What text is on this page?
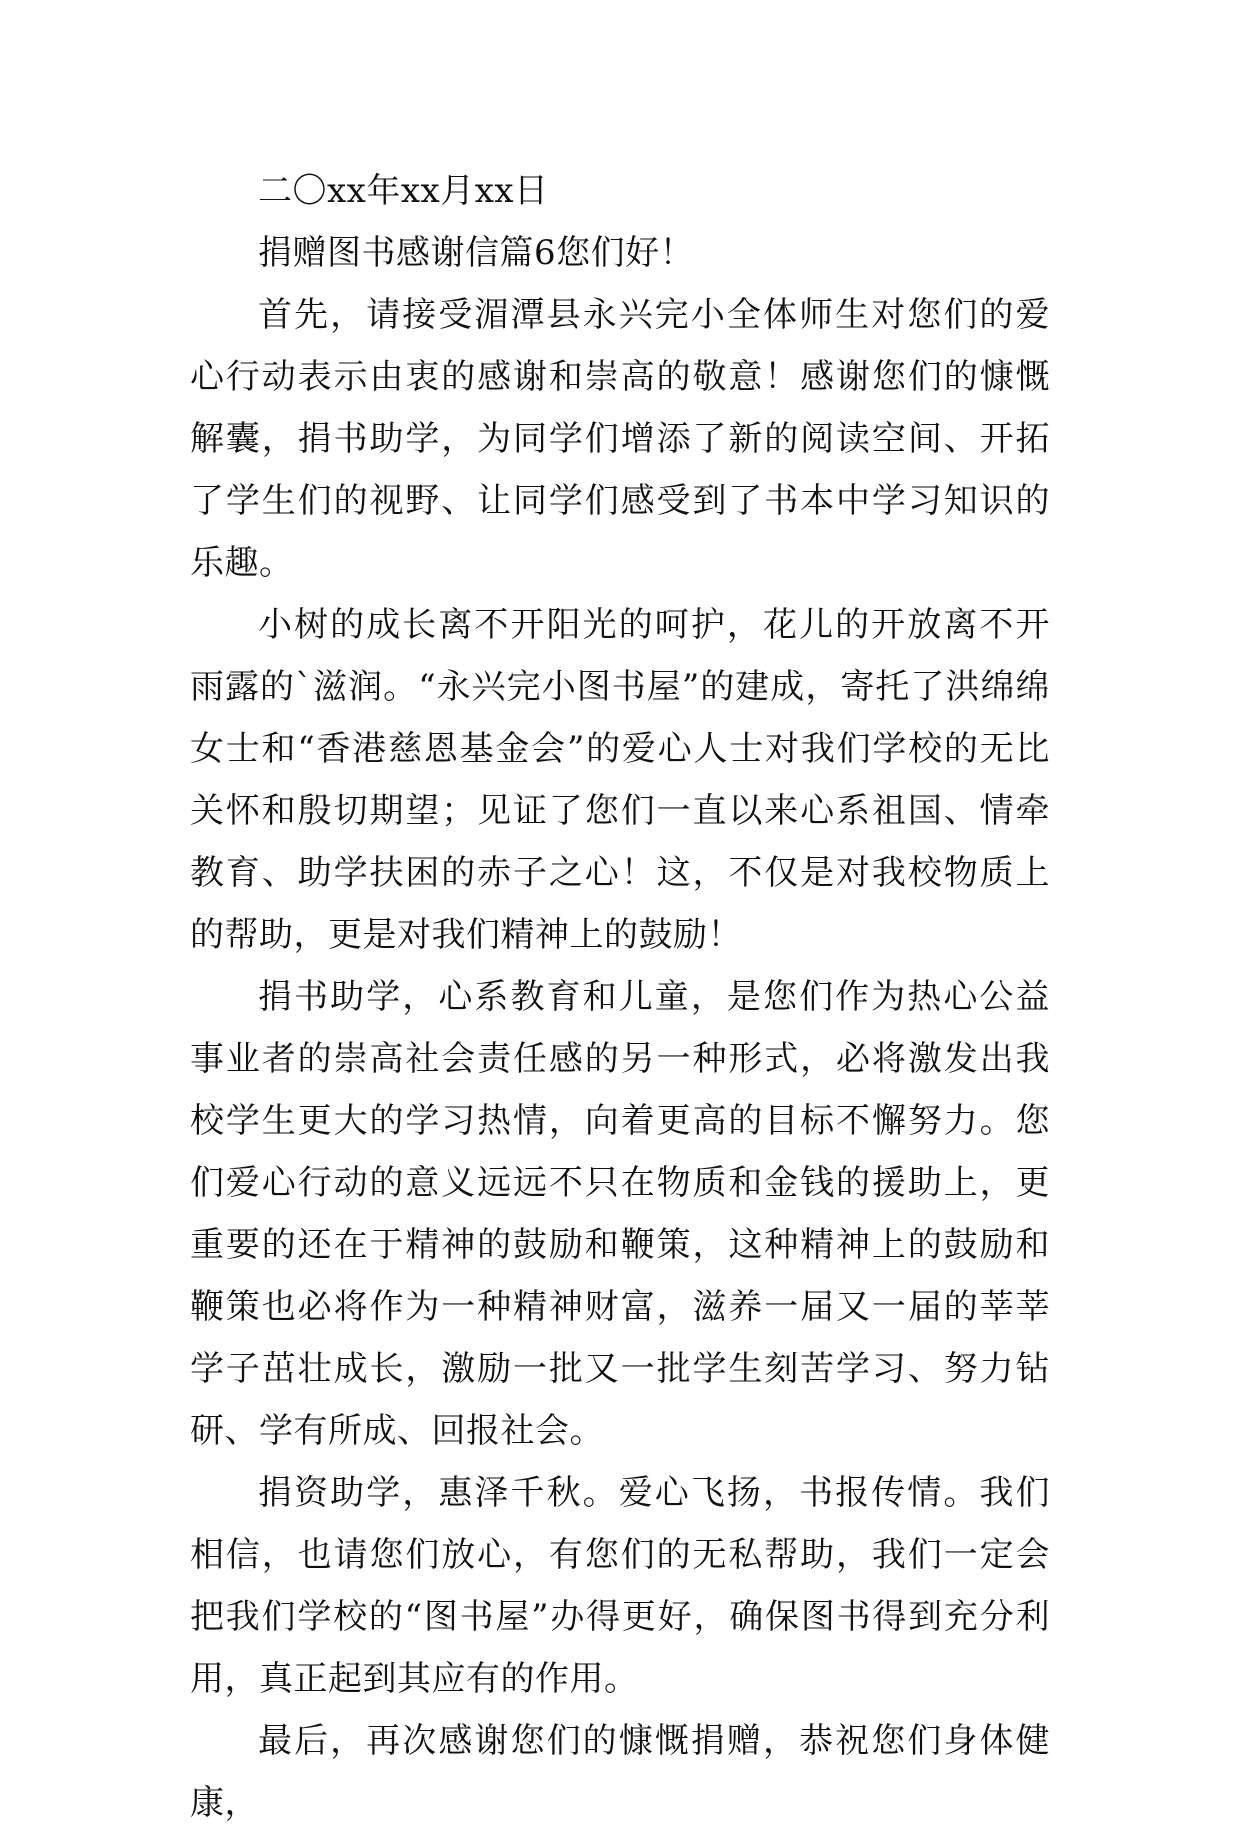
二〇xx年xx月xx日

捐赠图书感谢信篇6您们好！

首先，请接受湄潭县永兴完小全体师生对您们的爱心行动表示由衷的感谢和崇高的敬意！感谢您们的慷慨解囊，捐书助学，为同学们增添了新的阅读空间、开拓了学生们的视野、让同学们感受到了书本中学习知识的乐趣。

小树的成长离不开阳光的呵护，花儿的开放离不开雨露的`滋润。“永兴完小图书屋”的建成，寄托了洪绵绵女士和“香港慈恩基金会”的爱心人士对我们学校的无比关怀和殷切期望；见证了您们一直以来心系祖国、情牵教育、助学扶困的赤子之心！这，不仅是对我校物质上的帮助，更是对我们精神上的鼓励！

捐书助学，心系教育和儿童，是您们作为热心公益事业者的崇高社会责任感的另一种形式，必将激发出我校学生更大的学习热情，向着更高的目标不懈努力。您们爱心行动的意义远远不只在物质和金钱的援助上，更重要的还在于精神的鼓励和鞭策，这种精神上的鼓励和鞭策也必将作为一种精神财富，滋养一届又一届的莘莘学子茁壮成长，激励一批又一批学生刻苦学习、努力钻研、学有所成、回报社会。

捐资助学，惠泽千秋。爱心飞扬，书报传情。我们相信，也请您们放心，有您们的无私帮助，我们一定会把我们学校的“图书屋”办得更好，确保图书得到充分利用，真正起到其应有的作用。

最后，再次感谢您们的慷慨捐赠，恭祝您们身体健康，
